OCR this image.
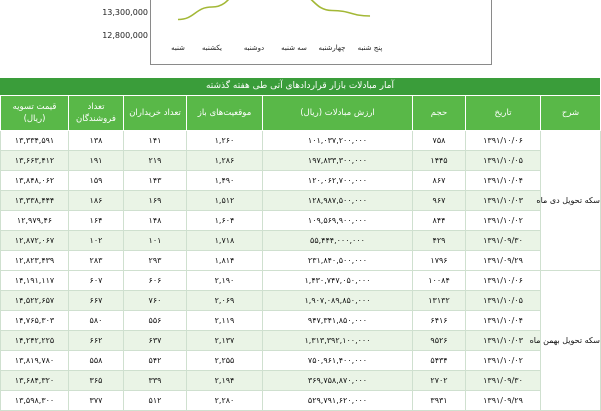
13,300,000
12,800,000
شنبه	یکشنبه	دوشنبه	سه شنبه	چهارشنبه	پنج شنبه
آمار مبادلات بازار قراردادهای آتی طی هفته گذشته
شرح	تاریخ	حجم	ارزش مبادلات (ریال)	موقعیت‌های باز	تعداد خریداران	تعداد فروشندگان	قیمت تسویه (ریال)
سکه تحویل دی ماه	۱۳۹۱/۱۰/۰۶	۷۵۸	۱۰۱,۰۳۷,۲۰۰,۰۰۰	۱,۲۶۰	۱۴۱	۱۳۸	۱۳,۳۳۴,۵۹۱
	۱۳۹۱/۱۰/۰۵	۱۴۴۵	۱۹۷,۸۳۳,۳۰۰,۰۰۰	۱,۲۸۶	۲۱۹	۱۹۱	۱۳,۶۶۳,۴۱۲
	۱۳۹۱/۱۰/۰۴	۸۶۷	۱۲۰,۰۶۲,۷۰۰,۰۰۰	۱,۴۹۰	۱۴۳	۱۵۹	۱۳,۸۴۸,۰۶۲
	۱۳۹۱/۱۰/۰۳	۹۶۷	۱۲۸,۹۸۷,۵۰۰,۰۰۰	۱,۵۱۲	۱۶۹	۱۸۶	۱۳,۳۳۸,۴۴۴
	۱۳۹۱/۱۰/۰۲	۸۴۴	۱۰۹,۵۶۹,۹۰۰,۰۰۰	۱,۶۰۴	۱۴۸	۱۶۴	۱۲,۹۷۹,۴۶
	۱۳۹۱/۰۹/۳۰	۴۲۹	۵۵,۴۴۴,۰۰۰,۰۰۰	۱,۷۱۸	۱۰۱	۱۰۲	۱۲,۸۷۲,۰۶۷
	۱۳۹۱/۰۹/۲۹	۱۷۹۶	۲۳۱,۸۴۰,۵۰۰,۰۰۰	۱,۸۱۴	۲۹۳	۲۸۳	۱۲,۸۲۳,۴۳۹
سکه تحویل بهمن ماه	۱۳۹۱/۱۰/۰۶	۱۰۰۸۴	۱,۴۳۰,۷۴۷,۰۵۰,۰۰۰	۲,۱۹۰	۶۰۶	۶۰۷	۱۴,۱۹۱,۱۱۷
	۱۳۹۱/۱۰/۰۵	۱۳۱۳۲	۱,۹۰۷,۰۸۹,۸۵۰,۰۰۰	۲,۰۶۹	۷۶۰	۶۶۷	۱۴,۵۲۲,۶۵۷
	۱۳۹۱/۱۰/۰۴	۶۴۱۶	۹۴۷,۳۴۱,۸۵۰,۰۰۰	۲,۱۱۹	۵۵۶	۵۸۰	۱۴,۷۶۵,۳۰۳
	۱۳۹۱/۱۰/۰۳	۹۵۲۶	۱,۳۱۳,۳۹۲,۱۰۰,۰۰۰	۲,۱۳۷	۶۳۷	۶۶۲	۱۴,۲۴۲,۲۲۵
	۱۳۹۱/۱۰/۰۲	۵۴۳۴	۷۵۰,۹۶۱,۴۰۰,۰۰۰	۲,۲۵۵	۵۴۲	۵۵۸	۱۳,۸۱۹,۷۸۰
	۱۳۹۱/۰۹/۳۰	۲۷۰۲	۳۶۹,۷۵۸,۸۷۰,۰۰۰	۲,۱۹۴	۳۳۹	۳۶۵	۱۳,۶۸۴,۳۲۰
	۱۳۹۱/۰۹/۲۹	۳۹۳۱	۵۲۹,۷۹۱,۶۲۰,۰۰۰	۲,۲۸۰	۵۱۲	۳۷۷	۱۳,۵۹۸,۳۰۰
